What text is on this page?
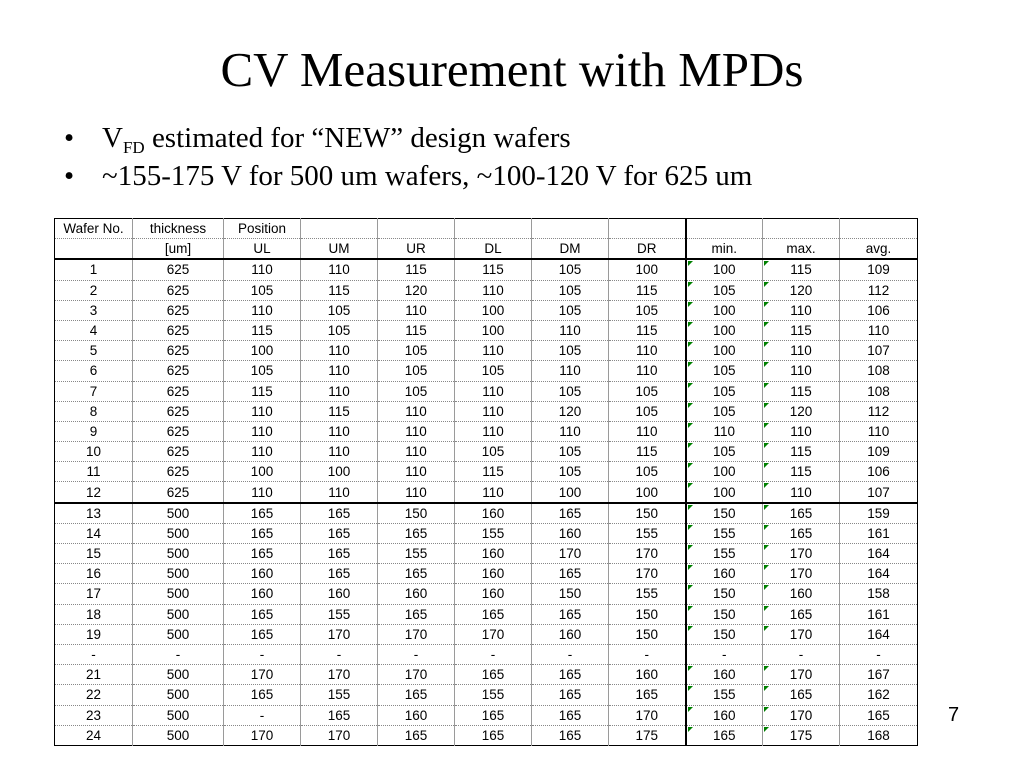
CV Measurement with MPDs
• $V_{FD}$ estimated for “NEW” design wafers
• ~155-175 V for 500 um wafers, ~100-120 V for 625 um
Wafer No.	thickness	Position								
	[um]	UL	UM	UR	DL	DM	DR	min.	max.	avg.
1	625	110	110	115	115	105	100	100	115	109
2	625	105	115	120	110	105	115	105	120	112
3	625	110	105	110	100	105	105	100	110	106
4	625	115	105	115	100	110	115	100	115	110
5	625	100	110	105	110	105	110	100	110	107
6	625	105	110	105	105	110	110	105	110	108
7	625	115	110	105	110	105	105	105	115	108
8	625	110	115	110	110	120	105	105	120	112
9	625	110	110	110	110	110	110	110	110	110
10	625	110	110	110	105	105	115	105	115	109
11	625	100	100	110	115	105	105	100	115	106
12	625	110	110	110	110	100	100	100	110	107
13	500	165	165	150	160	165	150	150	165	159
14	500	165	165	165	155	160	155	155	165	161
15	500	165	165	155	160	170	170	155	170	164
16	500	160	165	165	160	165	170	160	170	164
17	500	160	160	160	160	150	155	150	160	158
18	500	165	155	165	165	165	150	150	165	161
19	500	165	170	170	170	160	150	150	170	164
-	-	-	-	-	-	-	-	-	-	-
21	500	170	170	170	165	165	160	160	170	167
22	500	165	155	165	155	165	165	155	165	162
23	500	-	165	160	165	165	170	160	170	165
24	500	170	170	165	165	165	175	165	175	168
7
